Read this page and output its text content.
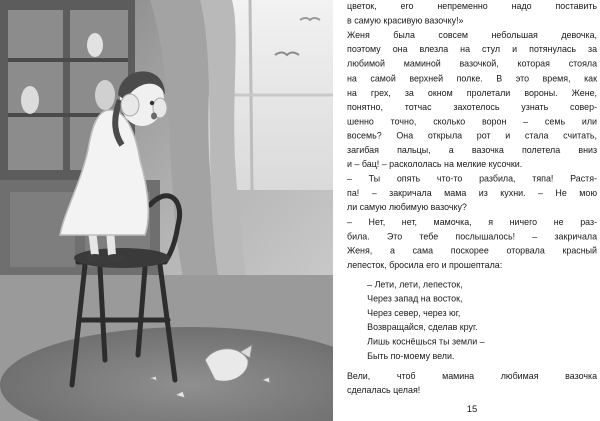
цветок, его непременно надо поставить
в самую красивую вазочку!»
Женя была совсем небольшая девочка,
поэтому она влезла на стул и потянулась за
любимой маминой вазочкой, которая стояла
на самой верхней полке. В это время, как
на грех, за окном пролетали вороны. Жене,
понятно, тотчас захотелось узнать совер-
шенно точно, сколько ворон – семь или
восемь? Она открыла рот и стала считать,
загибая пальцы, а вазочка полетела вниз
и – бац! – раскололась на мелкие кусочки.
– Ты опять что-то разбила, тяпа! Растя-
па! – закричала мама из кухни. – Не мою
ли самую любимую вазочку?
– Нет, нет, мамочка, я ничего не раз-
била. Это тебе послышалось! – закричала
Женя, а сама поскорее оторвала красный
лепесток, бросила его и прошептала:
– Лети, лети, лепесток,
Через запад на восток,
Через север, через юг,
Возвращайся, сделав круг.
Лишь коснёшься ты земли –
Быть по-моему вели.
Вели, чтоб мамина любимая вазочка
сделалась целая!
15
